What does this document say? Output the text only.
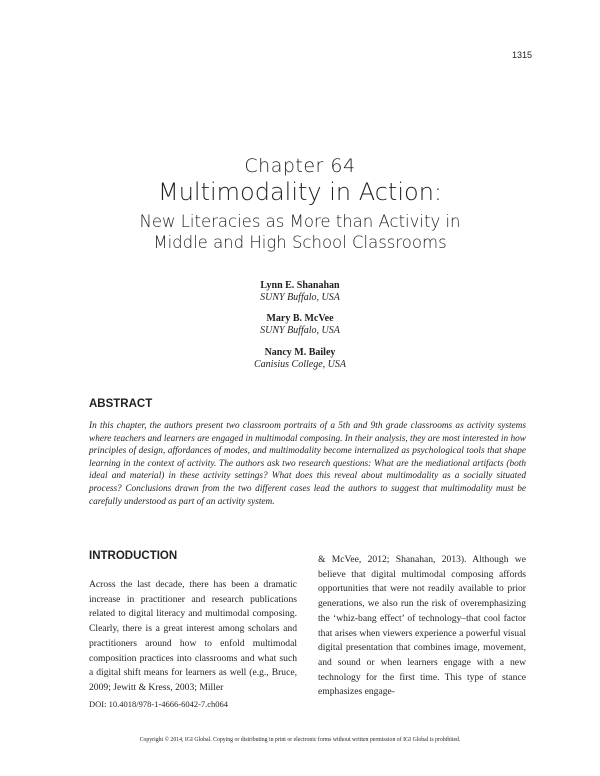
1315
Chapter 64
Multimodality in Action:
New Literacies as More than Activity in
Middle and High School Classrooms
Lynn E. Shanahan
SUNY Buffalo, USA
Mary B. McVee
SUNY Buffalo, USA
Nancy M. Bailey
Canisius College, USA
ABSTRACT
In this chapter, the authors present two classroom portraits of a 5th and 9th grade classrooms as activity systems where teachers and learners are engaged in multimodal composing. In their analysis, they are most interested in how principles of design, affordances of modes, and multimodality become internalized as psychological tools that shape learning in the context of activity. The authors ask two research questions: What are the mediational artifacts (both ideal and material) in these activity settings? What does this reveal about multimodality as a socially situated process? Conclusions drawn from the two different cases lead the authors to suggest that multimodality must be carefully understood as part of an activity system.
INTRODUCTION
Across the last decade, there has been a dramatic increase in practitioner and research publications related to digital literacy and multimodal composing. Clearly, there is a great interest among scholars and practitioners around how to enfold multimodal composition practices into classrooms and what such a digital shift means for learners as well (e.g., Bruce, 2009; Jewitt & Kress, 2003; Miller
& McVee, 2012; Shanahan, 2013). Although we believe that digital multimodal composing affords opportunities that were not readily available to prior generations, we also run the risk of overemphasizing the ‘whiz-bang effect’ of technology–that cool factor that arises when viewers experience a powerful visual digital presentation that combines image, movement, and sound or when learners engage with a new technology for the first time. This type of stance emphasizes engage-
DOI: 10.4018/978-1-4666-6042-7.ch064
Copyright © 2014, IGI Global. Copying or distributing in print or electronic forms without written permission of IGI Global is prohibited.
